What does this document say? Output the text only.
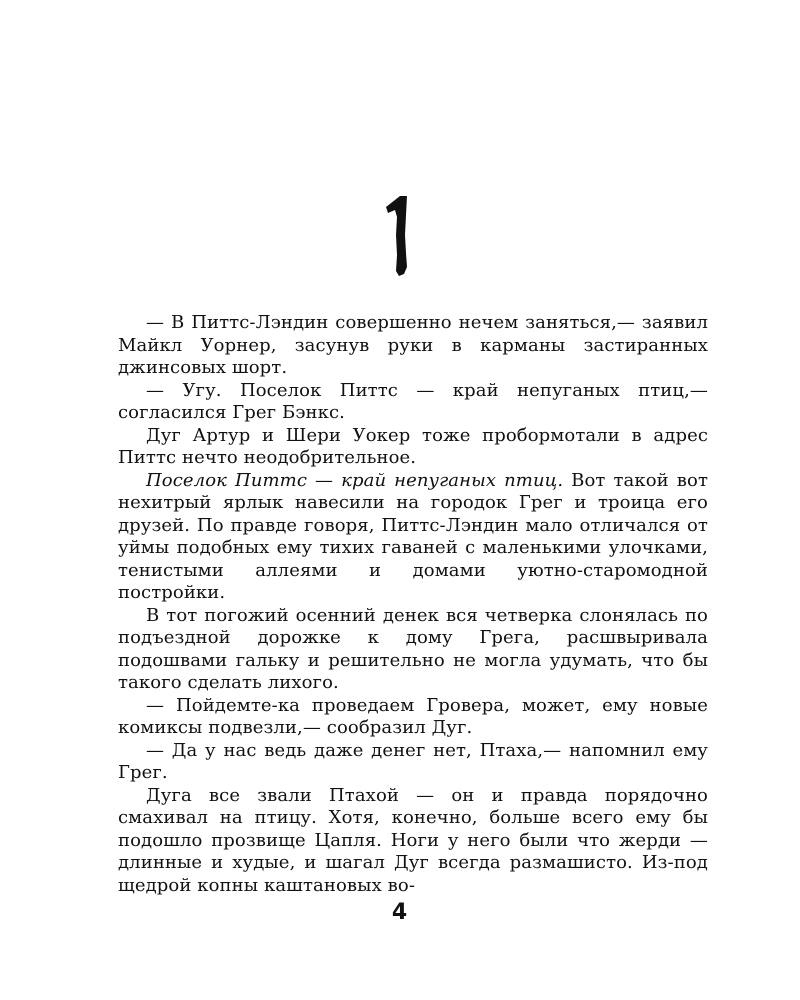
— В Питтс-Лэндин совершенно нечем заняться,— заявил Майкл Уорнер, засунув руки в карманы застиранных джинсовых шорт.

— Угу. Поселок Питтс — край непуганых птиц,— согласился Грег Бэнкс.

Дуг Артур и Шери Уокер тоже пробормотали в адрес Питтс нечто неодобрительное.

Поселок Питтс — край непуганых птиц. Вот такой вот нехитрый ярлык навесили на городок Грег и троица его друзей. По правде говоря, Питтс-Лэндин мало отличался от уймы подобных ему тихих гаваней с маленькими улочками, тенистыми аллеями и домами уютно-старомодной постройки.

В тот погожий осенний денек вся четверка слонялась по подъездной дорожке к дому Грега, расшвыривала подошвами гальку и решительно не могла удумать, что бы такого сделать лихого.

— Пойдемте-ка проведаем Гровера, может, ему новые комиксы подвезли,— сообразил Дуг.

— Да у нас ведь даже денег нет, Птаха,— напомнил ему Грег.

Дуга все звали Птахой — он и правда порядочно смахивал на птицу. Хотя, конечно, больше всего ему бы подошло прозвище Цапля. Ноги у него были что жерди — длинные и худые, и шагал Дуг всегда размашисто. Из-под щедрой копны каштановых во-

4
